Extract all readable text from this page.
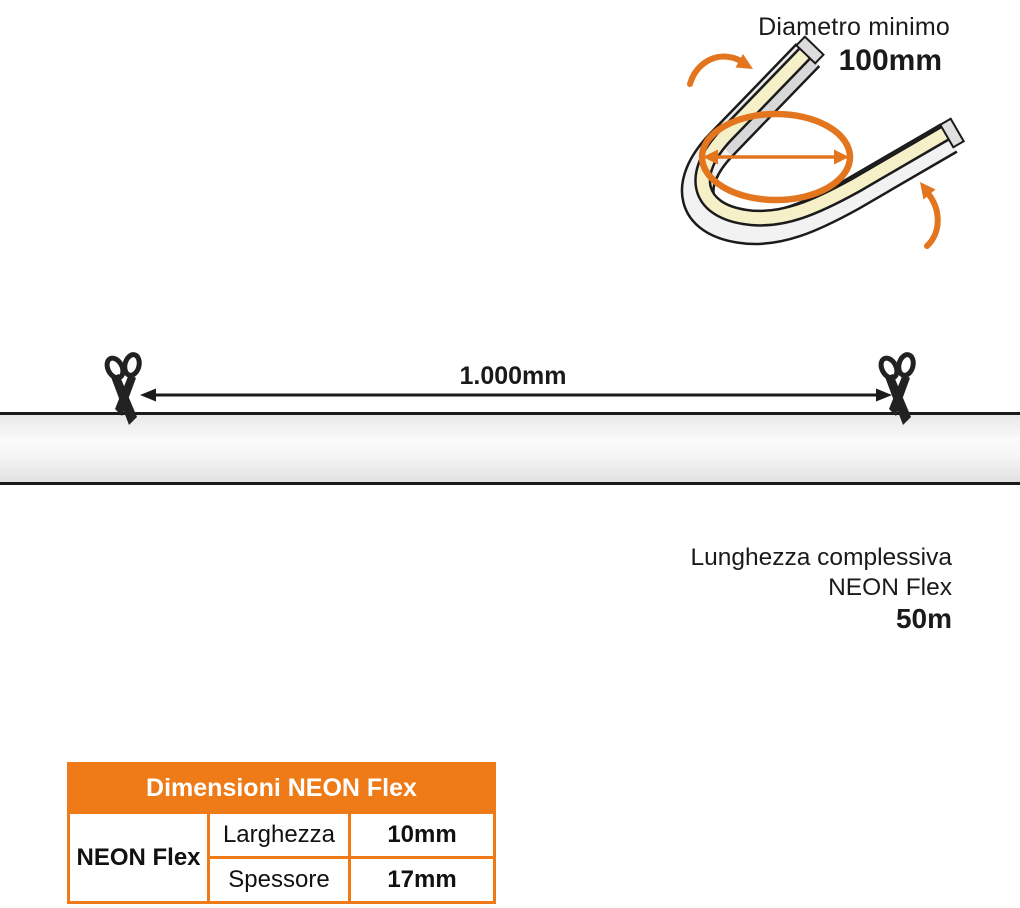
Diametro minimo
100mm
1.000mm
Lunghezza complessiva
NEON Flex
50m
Dimensioni NEON Flex		
NEON Flex	Larghezza	10mm
	Spessore	17mm
